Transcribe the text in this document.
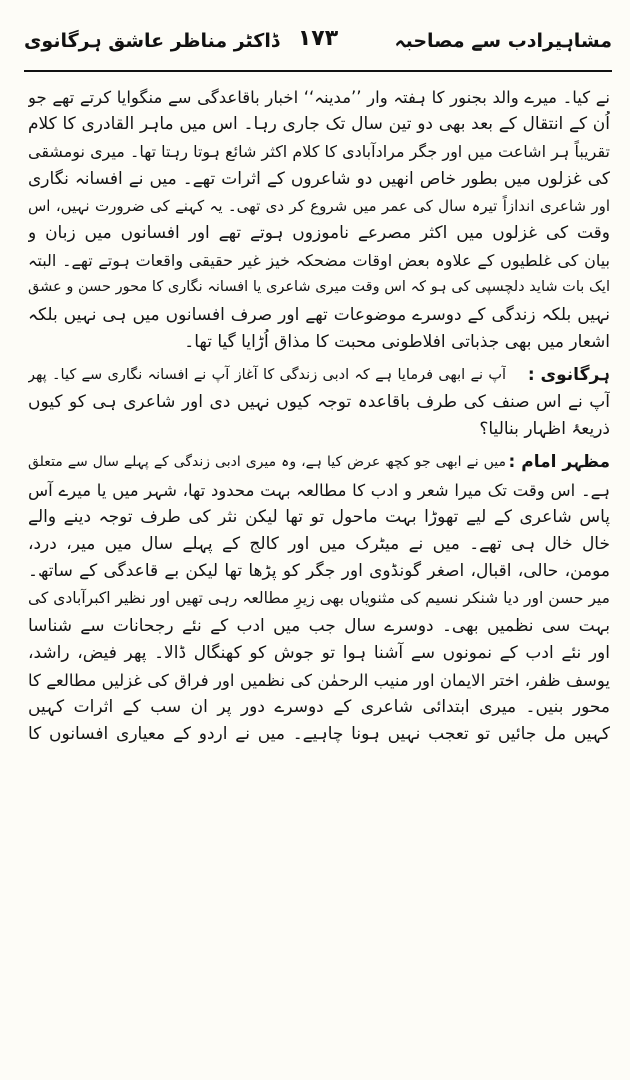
مشاہیرادب سے مصاحبہ
۱۷۳
ڈاکٹر مناظر عاشق ہرگانوی
نے کیا۔ میرے والد بجنور کا ہفتہ وار ’’مدینہ‘‘ اخبار باقاعدگی سے منگوایا کرتے تھے جو
اُن کے انتقال کے بعد بھی دو تین سال تک جاری رہا۔ اس میں ماہر القادری کا کلام
تقریباً ہر اشاعت میں اور جگر مرادآبادی کا کلام اکثر شائع ہوتا رہتا تھا۔ میری نومشقی
کی غزلوں میں بطور خاص انھیں دو شاعروں کے اثرات تھے۔ میں نے افسانہ نگاری
اور شاعری اندازاً تیرہ سال کی عمر میں شروع کر دی تھی۔ یہ کہنے کی ضرورت نہیں، اس
وقت کی غزلوں میں اکثر مصرعے ناموزوں ہوتے تھے اور افسانوں میں زبان و
بیان کی غلطیوں کے علاوہ بعض اوقات مضحکہ خیز غیر حقیقی واقعات ہوتے تھے۔ البتہ
ایک بات شاید دلچسپی کی ہو کہ اس وقت میری شاعری یا افسانہ نگاری کا محور حسن و عشق
نہیں بلکہ زندگی کے دوسرے موضوعات تھے اور صرف افسانوں میں ہی نہیں بلکہ
اشعار میں بھی جذباتی افلاطونی محبت کا مذاق اُڑایا گیا تھا۔
ہرگانوی :
آپ نے ابھی فرمایا ہے کہ ادبی زندگی کا آغاز آپ نے افسانہ نگاری سے کیا۔ پھر
آپ نے اس صنف کی طرف باقاعدہ توجہ کیوں نہیں دی اور شاعری ہی کو کیوں
ذریعۂ اظہار بنالیا؟
مظہر امام :
میں نے ابھی جو کچھ عرض کیا ہے، وہ میری ادبی زندگی کے پہلے سال سے متعلق
ہے۔ اس وقت تک میرا شعر و ادب کا مطالعہ بہت محدود تھا، شہر میں یا میرے آس
پاس شاعری کے لیے تھوڑا بہت ماحول تو تھا لیکن نثر کی طرف توجہ دینے والے
خال خال ہی تھے۔ میں نے میٹرک میں اور کالج کے پہلے سال میں میر، درد،
مومن، حالی، اقبال، اصغر گونڈوی اور جگر کو پڑھا تھا لیکن بے قاعدگی کے ساتھ۔
میر حسن اور دیا شنکر نسیم کی مثنویاں بھی زیرِ مطالعہ رہی تھیں اور نظیر اکبرآبادی کی
بہت سی نظمیں بھی۔ دوسرے سال جب میں ادب کے نئے رجحانات سے شناسا
اور نئے ادب کے نمونوں سے آشنا ہوا تو جوش کو کھنگال ڈالا۔ پھر فیض، راشد،
یوسف ظفر، اختر الایمان اور منیب الرحمٰن کی نظمیں اور فراق کی غزلیں مطالعے کا
محور بنیں۔ میری ابتدائی شاعری کے دوسرے دور پر ان سب کے اثرات کہیں
کہیں مل جائیں تو تعجب نہیں ہونا چاہیے۔ میں نے اردو کے معیاری افسانوں کا
